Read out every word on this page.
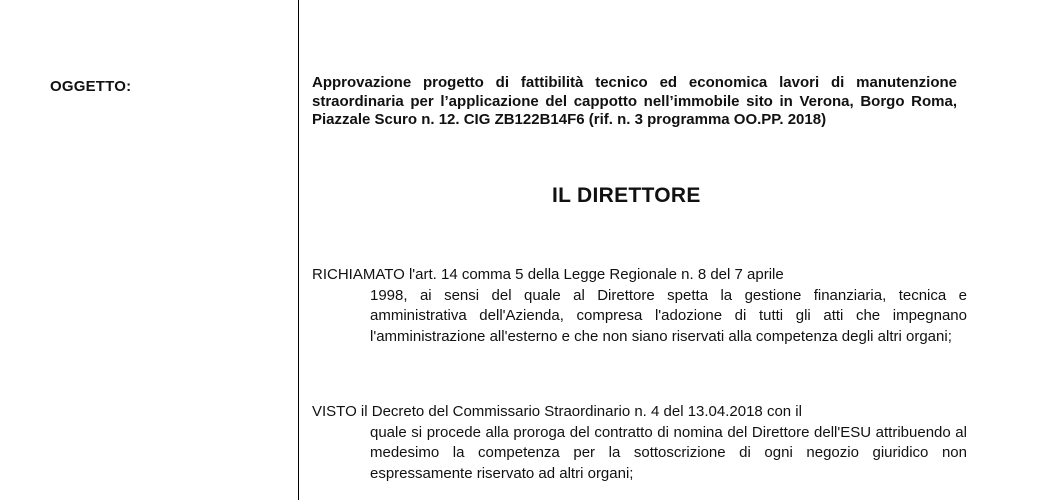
OGGETTO:	Approvazione progetto di fattibilità tecnico ed economica lavori di manutenzione straordinaria per l’applicazione del cappotto nell’immobile sito in Verona, Borgo Roma, Piazzale Scuro n. 12. CIG ZB122B14F6 (rif. n. 3 programma OO.PP. 2018)
IL DIRETTORE
RICHIAMATO l'art. 14 comma 5 della Legge Regionale n. 8 del 7 aprile
1998, ai sensi del quale al Direttore spetta la gestione finanziaria, tecnica e amministrativa dell'Azienda, compresa l'adozione di tutti gli atti che impegnano l'amministrazione all'esterno e che non siano riservati alla competenza degli altri organi;
VISTO il Decreto del Commissario Straordinario n. 4 del 13.04.2018 con il
quale si procede alla proroga del contratto di nomina del Direttore dell'ESU attribuendo al medesimo la competenza per la sottoscrizione di ogni negozio giuridico non espressamente riservato ad altri organi;
